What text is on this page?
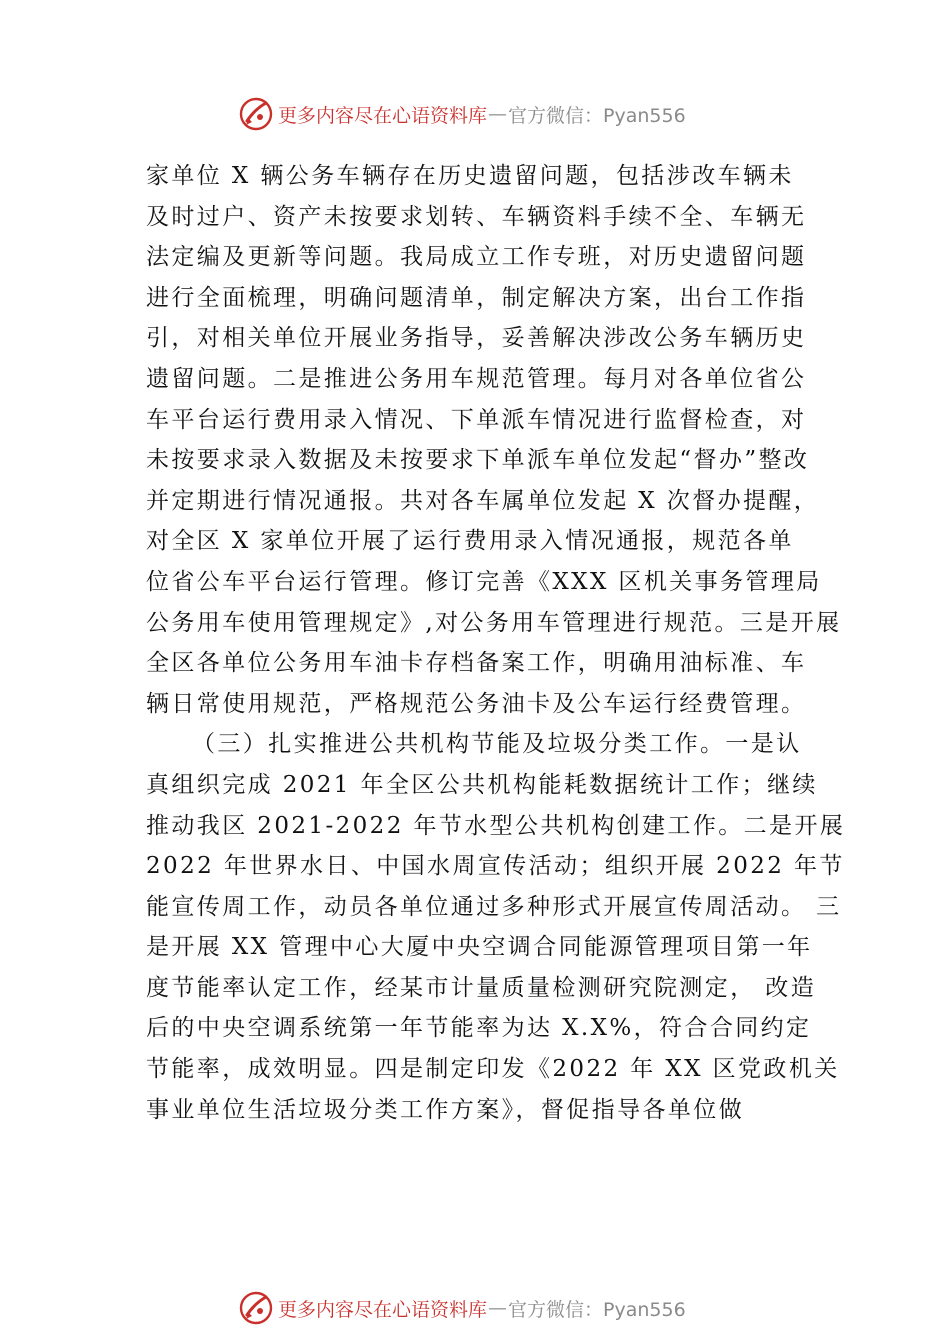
更多内容尽在心语资料库 — 官方微信：Pyan556
家单位 X 辆公务车辆存在历史遗留问题，包括涉改车辆未
及时过户、资产未按要求划转、车辆资料手续不全、车辆无
法定编及更新等问题。我局成立工作专班，对历史遗留问题
进行全面梳理，明确问题清单，制定解决方案，出台工作指
引，对相关单位开展业务指导，妥善解决涉改公务车辆历史
遗留问题。二是推进公务用车规范管理。每月对各单位省公
车平台运行费用录入情况、下单派车情况进行监督检查，对
未按要求录入数据及未按要求下单派车单位发起“督办”整改
并定期进行情况通报。共对各车属单位发起 X 次督办提醒，
对全区 X 家单位开展了运行费用录入情况通报，规范各单
位省公车平台运行管理。修订完善《XXX 区机关事务管理局
公务用车使用管理规定》,对公务用车管理进行规范。三是开展
全区各单位公务用车油卡存档备案工作，明确用油标准、车
辆日常使用规范，严格规范公务油卡及公车运行经费管理。
（三）扎实推进公共机构节能及垃圾分类工作。一是认
真组织完成 2021 年全区公共机构能耗数据统计工作；继续
推动我区 2021-2022 年节水型公共机构创建工作。二是开展
2022 年世界水日、中国水周宣传活动；组织开展 2022 年节
能宣传周工作，动员各单位通过多种形式开展宣传周活动。 三
是开展 XX 管理中心大厦中央空调合同能源管理项目第一年
度节能率认定工作，经某市计量质量检测研究院测定， 改造
后的中央空调系统第一年节能率为达 X.X%，符合合同约定
节能率，成效明显。四是制定印发《2022 年 XX 区党政机关
事业单位生活垃圾分类工作方案》，督促指导各单位做
更多内容尽在心语资料库 — 官方微信：Pyan556
